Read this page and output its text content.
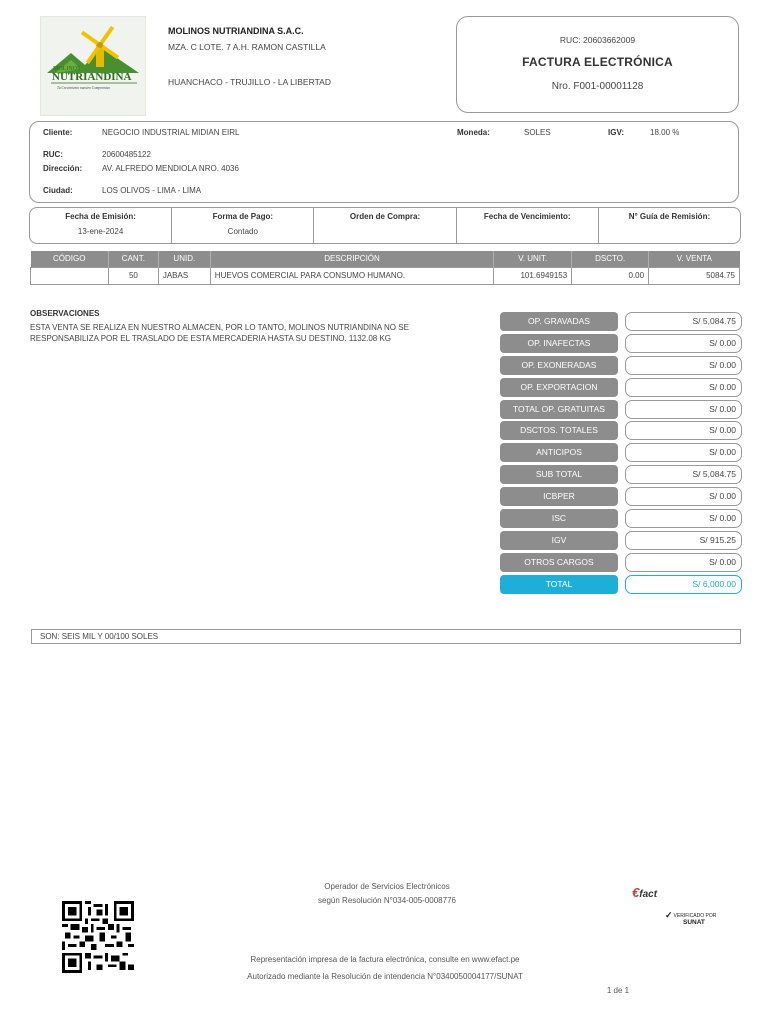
MOLINOS
NUTRIANDINA
Tu Crecimiento nuestro Compromiso
MOLINOS NUTRIANDINA S.A.C.
MZA. C LOTE. 7 A.H. RAMON CASTILLA
HUANCHACO - TRUJILLO - LA LIBERTAD
RUC: 20603662009
FACTURA ELECTRÓNICA
Nro. F001-00001128
Cliente:	NEGOCIO INDUSTRIAL MIDIAN EIRL	Moneda:	SOLES	IGV:	18.00 %
RUC:	20600485122
Dirección: AV. ALFREDO MENDIOLA NRO. 4036
Ciudad:	LOS OLIVOS - LIMA - LIMA
Fecha de Emisión:
13-ene-2024
Forma de Pago:
Contado
Orden de Compra:	Fecha de Vencimiento:	N° Guía de Remisión:
CÓDIGO	CANT.	UNID.	DESCRIPCIÓN	V. UNIT.	DSCTO.	V. VENTA
	50	JABAS	HUEVOS COMERCIAL PARA CONSUMO HUMANO.	101.6949153	0.00	5084.75
OBSERVACIONES
ESTA VENTA SE REALIZA EN NUESTRO ALMACEN, POR LO TANTO, MOLINOS NUTRIANDINA NO SE RESPONSABILIZA POR EL TRASLADO DE ESTA MERCADERIA HASTA SU DESTINO. 1132.08 KG
OP. GRAVADAS	S/ 5,084.75
OP. INAFECTAS	S/ 0.00
OP. EXONERADAS	S/ 0.00
OP. EXPORTACION	S/ 0.00
TOTAL OP. GRATUITAS	S/ 0.00
DSCTOS. TOTALES	S/ 0.00
ANTICIPOS	S/ 0.00
SUB TOTAL	S/ 5,084.75
ICBPER	S/ 0.00
ISC	S/ 0.00
IGV	S/ 915.25
OTROS CARGOS	S/ 0.00
TOTAL	S/ 6,000.00
SON: SEIS MIL Y 00/100 SOLES
Operador de Servicios Electrónicos
según Resolución N°034-005-0008776
€fact
✓ VERIFICADO POR
SUNAT
Representación impresa de la factura electrónica, consulte en www.efact.pe
Autorizado mediante la Resolución de intendencia N°0340050004177/SUNAT
1 de 1
